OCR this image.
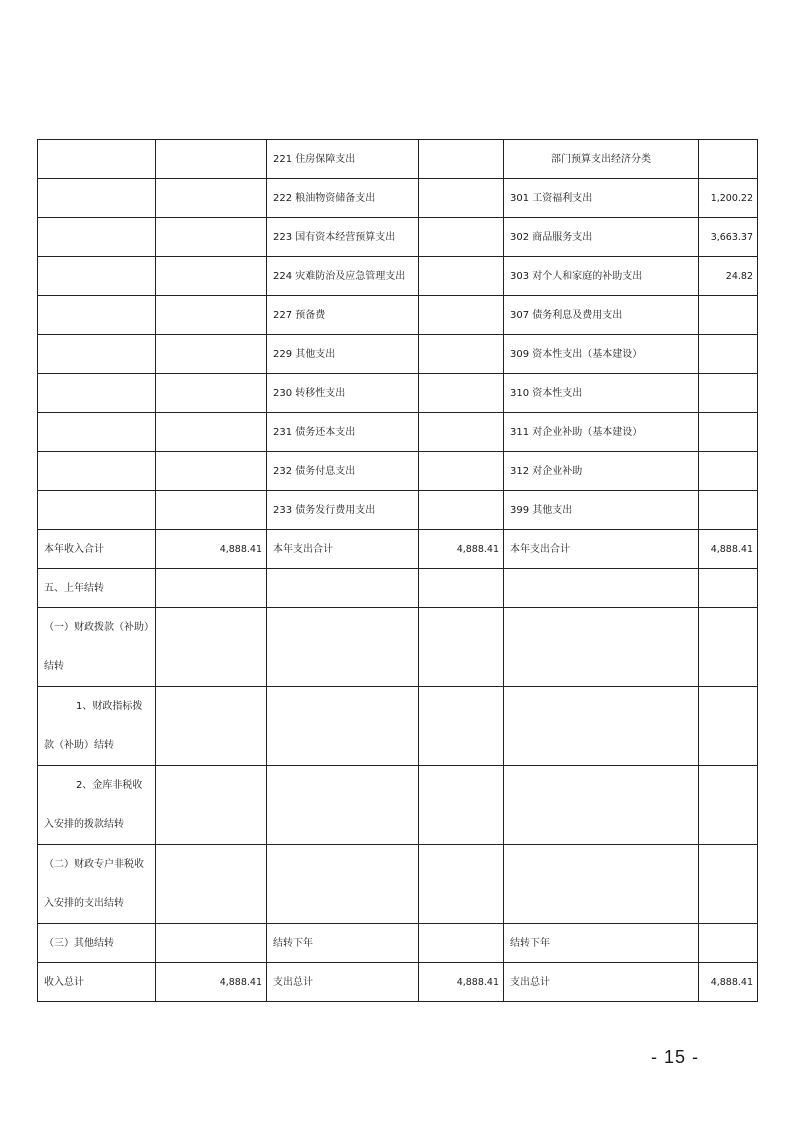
		221 住房保障支出		部门预算支出经济分类	
		222 粮油物资储备支出		301 工资福利支出	1,200.22
		223 国有资本经营预算支出		302 商品服务支出	3,663.37
		224 灾难防治及应急管理支出		303 对个人和家庭的补助支出	24.82
		227 预备费		307 债务利息及费用支出	
		229 其他支出		309 资本性支出（基本建设）	
		230 转移性支出		310 资本性支出	
		231 债务还本支出		311 对企业补助（基本建设）	
		232 债务付息支出		312 对企业补助	
		233 债务发行费用支出		399 其他支出	
本年收入合计	4,888.41	本年支出合计	4,888.41	本年支出合计	4,888.41
五、上年结转					
（一）财政拨款（补助）结转					
1、财政指标拨款（补助）结转					
2、金库非税收入安排的拨款结转					
（二）财政专户非税收入安排的支出结转					
（三）其他结转		结转下年		结转下年	
收入总计	4,888.41	支出总计	4,888.41	支出总计	4,888.41
- 15 -
